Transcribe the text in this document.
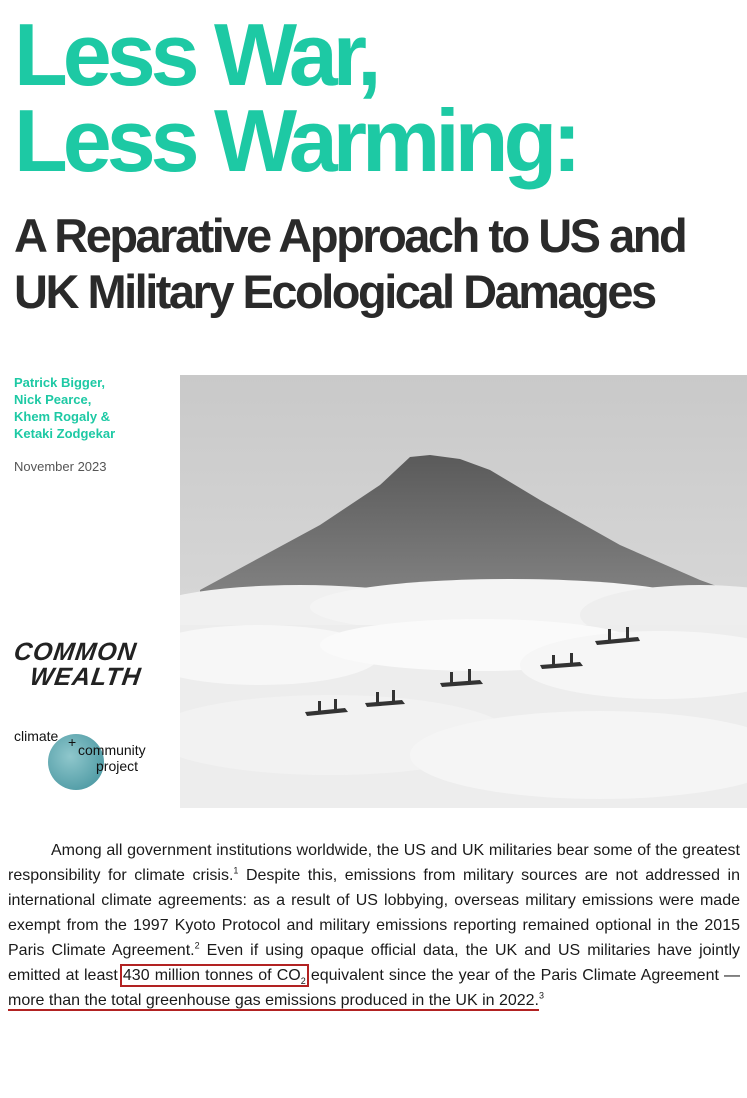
Less War,
Less Warming:
A Reparative Approach to US and
UK Military Ecological Damages
Patrick Bigger,
Nick Pearce,
Khem Rogaly &
Ketaki Zodgekar
November 2023
COMMON
WEALTH
climate + community
project

Among all government institutions worldwide, the US and UK militaries bear some of the greatest responsibility for climate crisis.$^1$ Despite this, emissions from military sources are not addressed in international climate agreements: as a result of US lobbying, overseas military emissions were made exempt from the 1997 Kyoto Protocol and military emissions reporting remained optional in the 2015 Paris Climate Agreement.$^2$ Even if using opaque official data, the UK and US militaries have jointly emitted at least 430 million tonnes of $CO_2$ equivalent since the year of the Paris Climate Agreement — more than the total greenhouse gas emissions produced in the UK in 2022.$^3$
